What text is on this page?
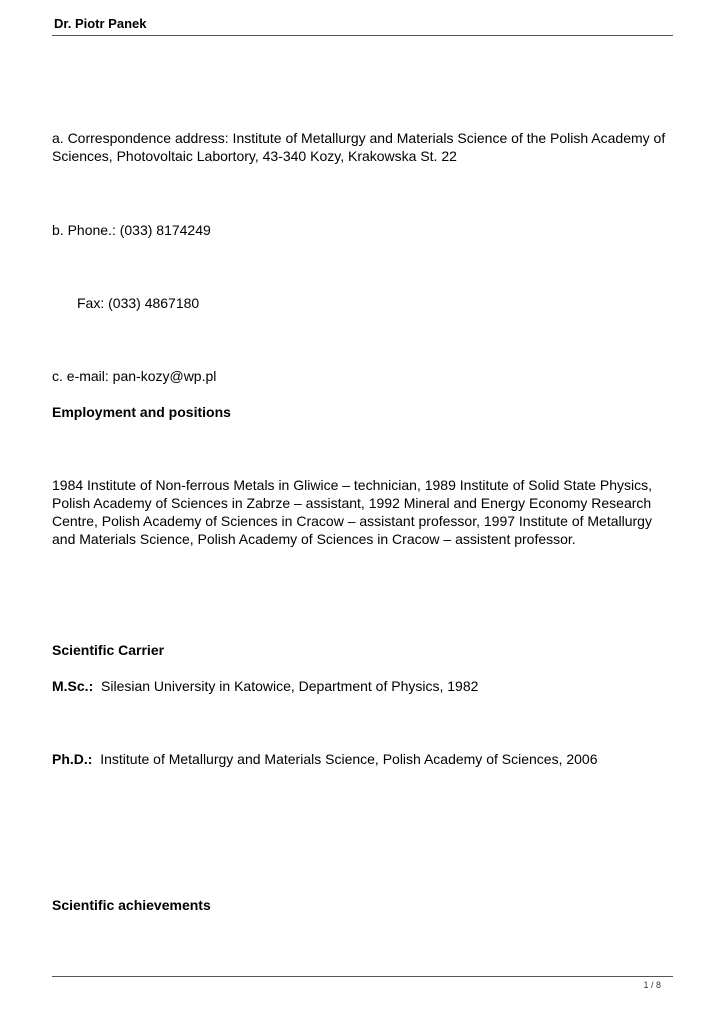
Dr. Piotr Panek
a. Correspondence address: Institute of Metallurgy and Materials Science of the Polish Academy of Sciences, Photovoltaic Labortory, 43-340 Kozy, Krakowska St. 22
b. Phone.: (033) 8174249
Fax: (033) 4867180
c. e-mail: pan-kozy@wp.pl
Employment and positions
1984 Institute of Non-ferrous Metals in Gliwice – technician, 1989 Institute of Solid State Physics, Polish Academy of Sciences in Zabrze – assistant, 1992 Mineral and Energy Economy Research Centre, Polish Academy of Sciences in Cracow – assistant professor, 1997 Institute of Metallurgy and Materials Science, Polish Academy of Sciences in Cracow – assistent professor.
Scientific Carrier
M.Sc.: Silesian University in Katowice, Department of Physics, 1982
Ph.D.: Institute of Metallurgy and Materials Science, Polish Academy of Sciences, 2006
Scientific achievements
1 / 8
